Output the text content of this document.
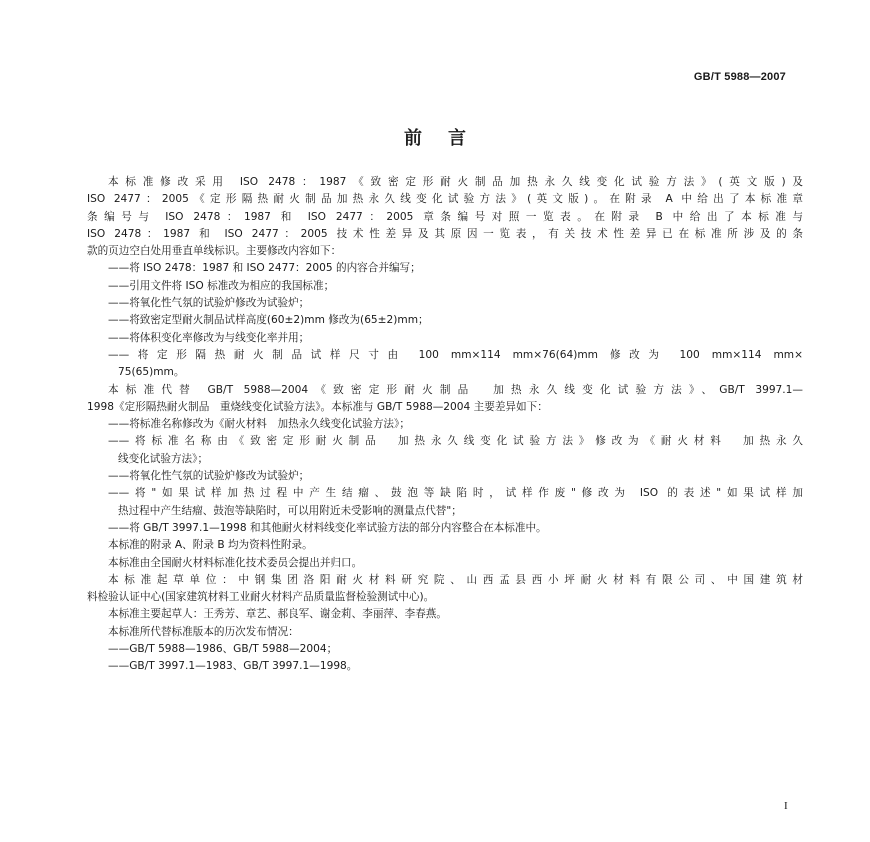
GB/T 5988—2007
前言
本标准修改采用 ISO 2478：1987《致密定形耐火制品加热永久线变化试验方法》(英文版)及
ISO 2477：2005《定形隔热耐火制品加热永久线变化试验方法》(英文版)。在附录 A 中给出了本标准章
条编号与 ISO 2478：1987 和 ISO 2477：2005 章条编号对照一览表。在附录 B 中给出了本标准与
ISO 2478：1987 和 ISO 2477：2005 技术性差异及其原因一览表，有关技术性差异已在标准所涉及的条
款的页边空白处用垂直单线标识。主要修改内容如下：
——将 ISO 2478：1987 和 ISO 2477：2005 的内容合并编写；
——引用文件将 ISO 标准改为相应的我国标准；
——将氧化性气氛的试验炉修改为试验炉；
——将致密定型耐火制品试样高度(60±2)mm 修改为(65±2)mm；
——将体积变化率修改为与线变化率并用；
——将定形隔热耐火制品试样尺寸由 100 mm×114 mm×76(64)mm 修改为 100 mm×114 mm×
75(65)mm。
本标准代替 GB/T 5988—2004《致密定形耐火制品　加热永久线变化试验方法》、GB/T 3997.1—
1998《定形隔热耐火制品　重烧线变化试验方法》。本标准与 GB/T 5988—2004 主要差异如下：
——将标准名称修改为《耐火材料　加热永久线变化试验方法》；
——将标准名称由《致密定形耐火制品　加热永久线变化试验方法》修改为《耐火材料　加热永久
线变化试验方法》；
——将氧化性气氛的试验炉修改为试验炉；
——将"如果试样加热过程中产生结瘤、鼓泡等缺陷时，试样作废"修改为 ISO 的表述"如果试样加
热过程中产生结瘤、鼓泡等缺陷时，可以用附近未受影响的测量点代替"；
——将 GB/T 3997.1—1998 和其他耐火材料线变化率试验方法的部分内容整合在本标准中。
本标准的附录 A、附录 B 均为资料性附录。
本标准由全国耐火材料标准化技术委员会提出并归口。
本标准起草单位：中钢集团洛阳耐火材料研究院、山西孟县西小坪耐火材料有限公司、中国建筑材
料检验认证中心(国家建筑材料工业耐火材料产品质量监督检验测试中心)。
本标准主要起草人：王秀芳、章艺、郝良军、谢金莉、李丽萍、李春燕。
本标准所代替标准版本的历次发布情况：
——GB/T 5988—1986、GB/T 5988—2004；
——GB/T 3997.1—1983、GB/T 3997.1—1998。
I
